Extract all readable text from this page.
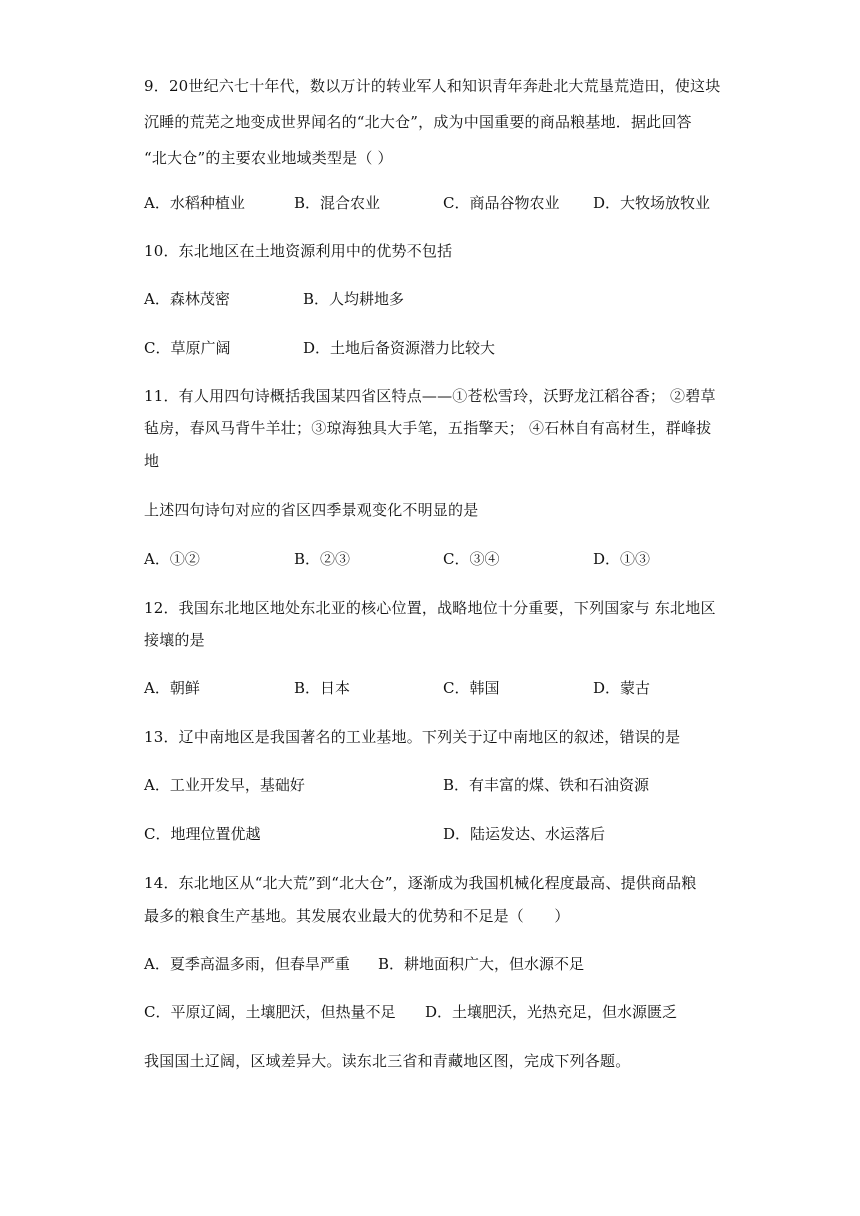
9．20世纪六七十年代，数以万计的转业军人和知识青年奔赴北大荒垦荒造田，使这块
沉睡的荒芜之地变成世界闻名的“北大仓”，成为中国重要的商品粮基地．据此回答
“北大仓”的主要农业地域类型是（ ）
A．水稻种植业	B．混合农业	C．商品谷物农业 D．大牧场放牧业
10．东北地区在土地资源利用中的优势不包括
A．森林茂密	B．人均耕地多
C．草原广阔	D．土地后备资源潜力比较大
11．有人用四句诗概括我国某四省区特点——①苍松雪玲，沃野龙江稻谷香； ②碧草
毡房，春风马背牛羊壮；③琼海独具大手笔，五指擎天； ④石林自有高材生，群峰拔
地
上述四句诗句对应的省区四季景观变化不明显的是
A．①②	B．②③	C．③④	D．①③
12．我国东北地区地处东北亚的核心位置，战略地位十分重要，下列国家与 东北地区
接壤的是
A．朝鲜	B．日本	C．韩国	D．蒙古
13．辽中南地区是我国著名的工业基地。下列关于辽中南地区的叙述，错误的是
A．工业开发早，基础好	B．有丰富的煤、铁和石油资源
C．地理位置优越	D．陆运发达、水运落后
14．东北地区从“北大荒”到“北大仓”，逐渐成为我国机械化程度最高、提供商品粮
最多的粮食生产基地。其发展农业最大的优势和不足是（　　）
A．夏季高温多雨，但春旱严重 B．耕地面积广大，但水源不足
C．平原辽阔，土壤肥沃，但热量不足 D．土壤肥沃，光热充足，但水源匮乏
我国国土辽阔，区域差异大。读东北三省和青藏地区图，完成下列各题。
